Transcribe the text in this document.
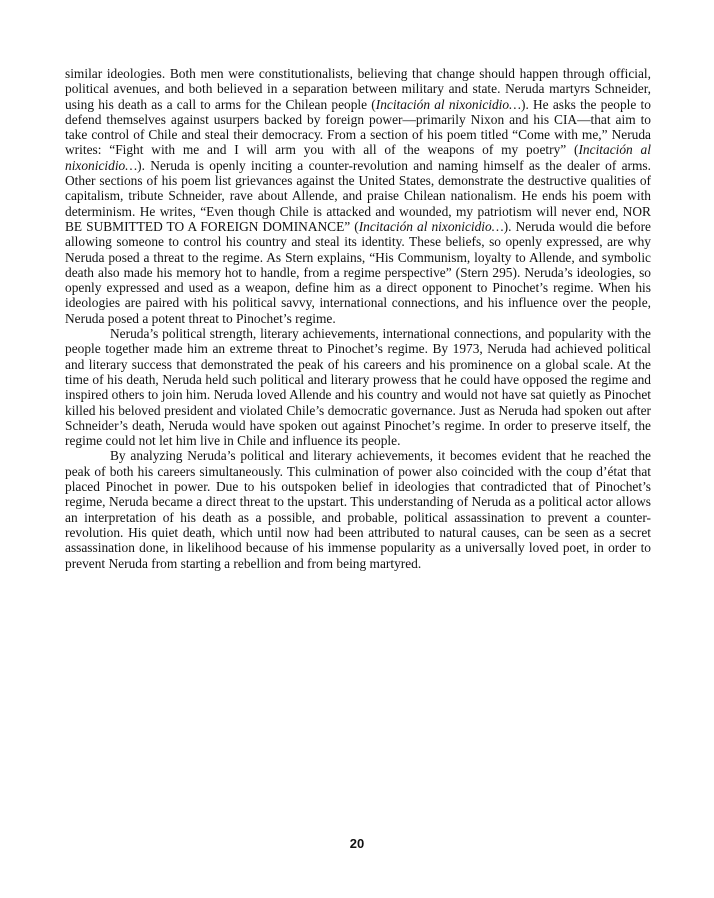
similar ideologies. Both men were constitutionalists, believing that change should happen through official, political avenues, and both believed in a separation between military and state. Neruda martyrs Schneider, using his death as a call to arms for the Chilean people (Incitación al nixonicidio…). He asks the people to defend themselves against usurpers backed by foreign power—primarily Nixon and his CIA—that aim to take control of Chile and steal their democracy. From a section of his poem titled “Come with me,” Neruda writes: “Fight with me and I will arm you with all of the weapons of my poetry” (Incitación al nixonicidio…). Neruda is openly inciting a counter-revolution and naming himself as the dealer of arms. Other sections of his poem list grievances against the United States, demonstrate the destructive qualities of capitalism, tribute Schneider, rave about Allende, and praise Chilean nationalism. He ends his poem with determinism. He writes, “Even though Chile is attacked and wounded, my patriotism will never end, NOR BE SUBMITTED TO A FOREIGN DOMINANCE” (Incitación al nixonicidio…). Neruda would die before allowing someone to control his country and steal its identity. These beliefs, so openly expressed, are why Neruda posed a threat to the regime. As Stern explains, “His Communism, loyalty to Allende, and symbolic death also made his memory hot to handle, from a regime perspective” (Stern 295). Neruda’s ideologies, so openly expressed and used as a weapon, define him as a direct opponent to Pinochet’s regime. When his ideologies are paired with his political savvy, international connections, and his influence over the people, Neruda posed a potent threat to Pinochet’s regime.

Neruda’s political strength, literary achievements, international connections, and popularity with the people together made him an extreme threat to Pinochet’s regime. By 1973, Neruda had achieved political and literary success that demonstrated the peak of his careers and his prominence on a global scale. At the time of his death, Neruda held such political and literary prowess that he could have opposed the regime and inspired others to join him. Neruda loved Allende and his country and would not have sat quietly as Pinochet killed his beloved president and violated Chile’s democratic governance. Just as Neruda had spoken out after Schneider’s death, Neruda would have spoken out against Pinochet’s regime. In order to preserve itself, the regime could not let him live in Chile and influence its people.

By analyzing Neruda’s political and literary achievements, it becomes evident that he reached the peak of both his careers simultaneously. This culmination of power also coincided with the coup d’état that placed Pinochet in power. Due to his outspoken belief in ideologies that contradicted that of Pinochet’s regime, Neruda became a direct threat to the upstart. This understanding of Neruda as a political actor allows an interpretation of his death as a possible, and probable, political assassination to prevent a counter-revolution. His quiet death, which until now had been attributed to natural causes, can be seen as a secret assassination done, in likelihood because of his immense popularity as a universally loved poet, in order to prevent Neruda from starting a rebellion and from being martyred.

20
